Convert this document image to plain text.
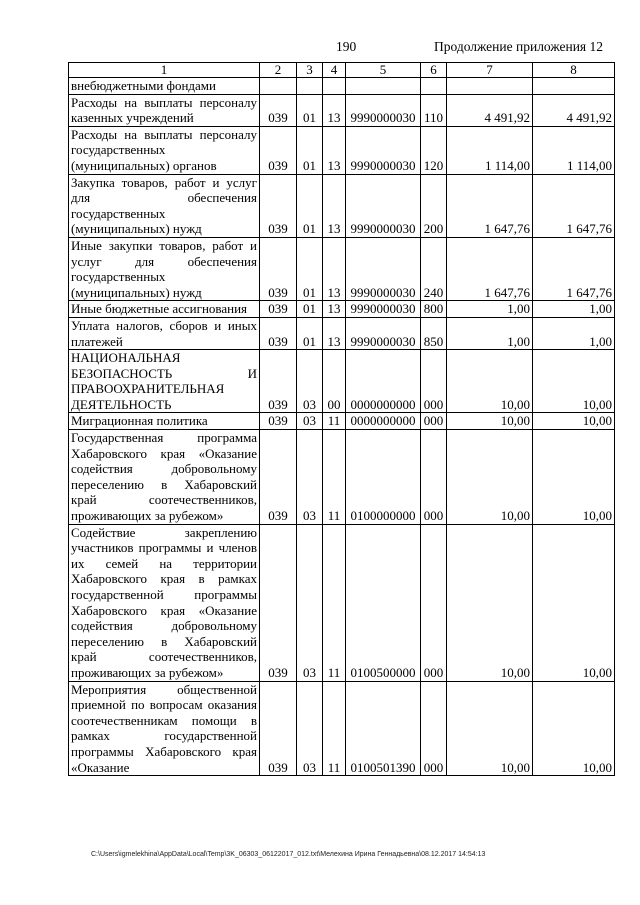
190	Продолжение приложения 12
1	2	3	4	5	6	7	8
внебюджетными фондами							
Расходы на выплаты персоналу казенных учреждений	039	01	13	9990000030	110	4 491,92	4 491,92
Расходы на выплаты персоналу государственных (муниципальных) органов	039	01	13	9990000030	120	1 114,00	1 114,00
Закупка товаров, работ и услуг для обеспечения государственных (муниципальных) нужд	039	01	13	9990000030	200	1 647,76	1 647,76
Иные закупки товаров, работ и услуг для обеспечения государственных (муниципальных) нужд	039	01	13	9990000030	240	1 647,76	1 647,76
Иные бюджетные ассигнования	039	01	13	9990000030	800	1,00	1,00
Уплата налогов, сборов и иных платежей	039	01	13	9990000030	850	1,00	1,00
НАЦИОНАЛЬНАЯ БЕЗОПАСНОСТЬ И ПРАВООХРАНИТЕЛЬНАЯ ДЕЯТЕЛЬНОСТЬ	039	03	00	0000000000	000	10,00	10,00
Миграционная политика	039	03	11	0000000000	000	10,00	10,00
Государственная программа Хабаровского края «Оказание содействия добровольному переселению в Хабаровский край соотечественников, проживающих за рубежом»	039	03	11	0100000000	000	10,00	10,00
Содействие закреплению участников программы и членов их семей на территории Хабаровского края в рамках государственной программы Хабаровского края «Оказание содействия добровольному переселению в Хабаровский край соотечественников, проживающих за рубежом»	039	03	11	0100500000	000	10,00	10,00
Мероприятия общественной приемной по вопросам оказания соотечественникам помощи в рамках государственной программы Хабаровского края «Оказание	039	03	11	0100501390	000	10,00	10,00
C:\Users\igmelekhina\AppData\Local\Temp\3K_06303_06122017_012.txt\Мелехина Ирина Геннадьевна\08.12.2017 14:54:13
